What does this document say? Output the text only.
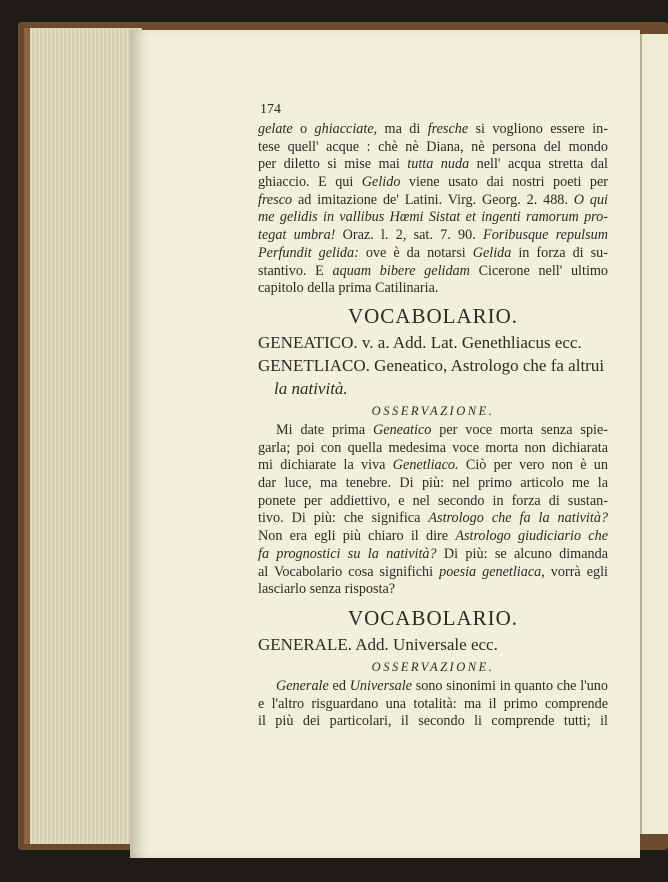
174
gelate o ghiacciate, ma di fresche si vogliono essere in-
tese quell' acque : chè nè Diana, nè persona del mondo
per diletto si mise mai tutta nuda nell' acqua stretta dal
ghiaccio. E qui Gelido viene usato dai nostri poeti per
fresco ad imitazione de' Latini. Virg. Georg. 2. 488. O qui
me gelidis in vallibus Hœmi Sistat et ingenti ramorum pro-
tegat umbra! Oraz. l. 2, sat. 7. 90. Foribusque repulsum
Perfundit gelida: ove è da notarsi Gelida in forza di su-
stantivo. E aquam bibere gelidam Cicerone nell' ultimo
capitolo della prima Catilinaria.
VOCABOLARIO.
GENEATICO. v. a. Add. Lat. Genethliacus ecc.
GENETLIACO. Geneatico, Astrologo che fa altrui
la natività.
OSSERVAZIONE.
Mi date prima Geneatico per voce morta senza spie-
garla; poi con quella medesima voce morta non dichiarata
mi dichiarate la viva Genetliaco. Ciò per vero non è un
dar luce, ma tenebre. Di più: nel primo articolo me la
ponete per addiettivo, e nel secondo in forza di sustan-
tivo. Di più: che significa Astrologo che fa la natività?
Non era egli più chiaro il dire Astrologo giudiciario che
fa prognostici su la natività? Di più: se alcuno dimanda
al Vocabolario cosa significhi poesia genetliaca, vorrà egli
lasciarlo senza risposta?
VOCABOLARIO.
GENERALE. Add. Universale ecc.
OSSERVAZIONE.
Generale ed Universale sono sinonimi in quanto che l'uno
e l'altro risguardano una totalità: ma il primo comprende
il più dei particolari, il secondo li comprende tutti; il
